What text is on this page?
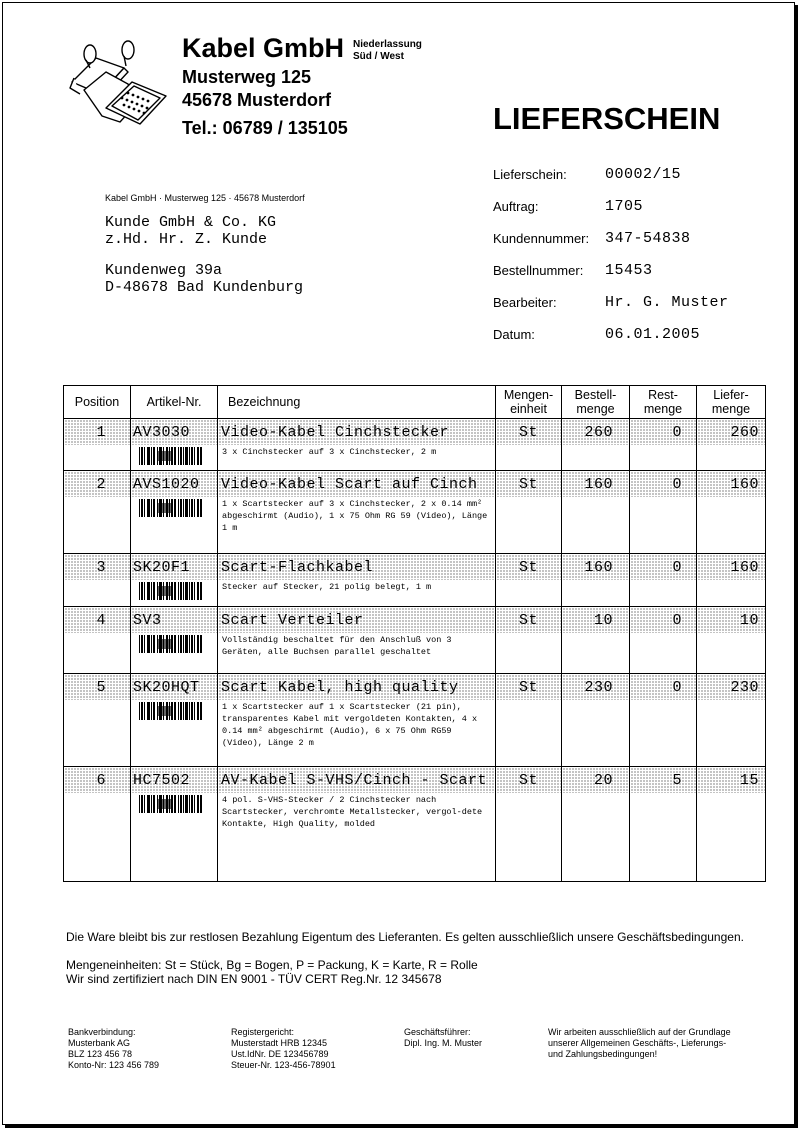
Kabel GmbH Niederlassung Süd / West
Musterweg 125
45678 Musterdorf
Tel.: 06789 / 135105	LIEFERSCHEIN
Lieferschein:	00002/15
Auftrag:	1705
Kundennummer: 347-54838
Bestellnummer: 15453
Bearbeiter:	Hr. G. Muster
Datum:	06.01.2005
Kabel GmbH · Musterweg 125 · 45678 Musterdorf
Kunde GmbH & Co. KG
z.Hd. Hr. Z. Kunde
Kundenweg 39a
D-48678 Bad Kundenburg
Position	Artikel-Nr.	Bezeichnung	Mengen-einheit	Bestell-menge	Rest-menge	Liefer-menge
1	AV3030	Video-Kabel Cinchstecker	St	260	0	260
		3 x Cinchstecker auf 3 x Cinchstecker, 2 m				
2	AVS1020	Video-Kabel Scart auf Cinch	St	160	0	160
		1 x Scartstecker auf 3 x Cinchstecker, 2 x 0.14 mm² abgeschirmt (Audio), 1 x 75 Ohm RG 59 (Video), Länge 1 m				
3	SK20F1	Scart-Flachkabel	St	160	0	160
		Stecker auf Stecker, 21 polig belegt, 1 m				
4	SV3	Scart Verteiler	St	10	0	10
		Vollständig beschaltet für den Anschluß von 3 Geräten, alle Buchsen parallel geschaltet				
5	SK20HQT	Scart Kabel, high quality	St	230	0	230
		1 x Scartstecker auf 1 x Scartstecker (21 pin), transparentes Kabel mit vergoldeten Kontakten, 4 x 0.14 mm² abgeschirmt (Audio), 6 x 75 Ohm RG59 (Video), Länge 2 m				
6	HC7502	AV-Kabel S-VHS/Cinch - Scart	St	20	5	15
		4 pol. S-VHS-Stecker / 2 Cinchstecker nach Scartstecker, verchromte Metallstecker, vergol-dete Kontakte, High Quality, molded				
Die Ware bleibt bis zur restlosen Bezahlung Eigentum des Lieferanten. Es gelten ausschließlich unsere Geschäftsbedingungen.
Mengeneinheiten: St = Stück, Bg = Bogen, P = Packung, K = Karte, R = Rolle
Wir sind zertifiziert nach DIN EN 9001 - TÜV CERT Reg.Nr. 12 345678
Bankverbindung:
Musterbank AG
BLZ 123 456 78
Konto-Nr: 123 456 789
Registergericht:
Musterstadt HRB 12345
Ust.IdNr. DE 123456789
Steuer-Nr. 123-456-78901
Geschäftsführer:
Dipl. Ing. M. Muster
Wir arbeiten ausschließlich auf der Grundlage
unserer Allgemeinen Geschäfts-, Lieferungs-
und Zahlungsbedingungen!
